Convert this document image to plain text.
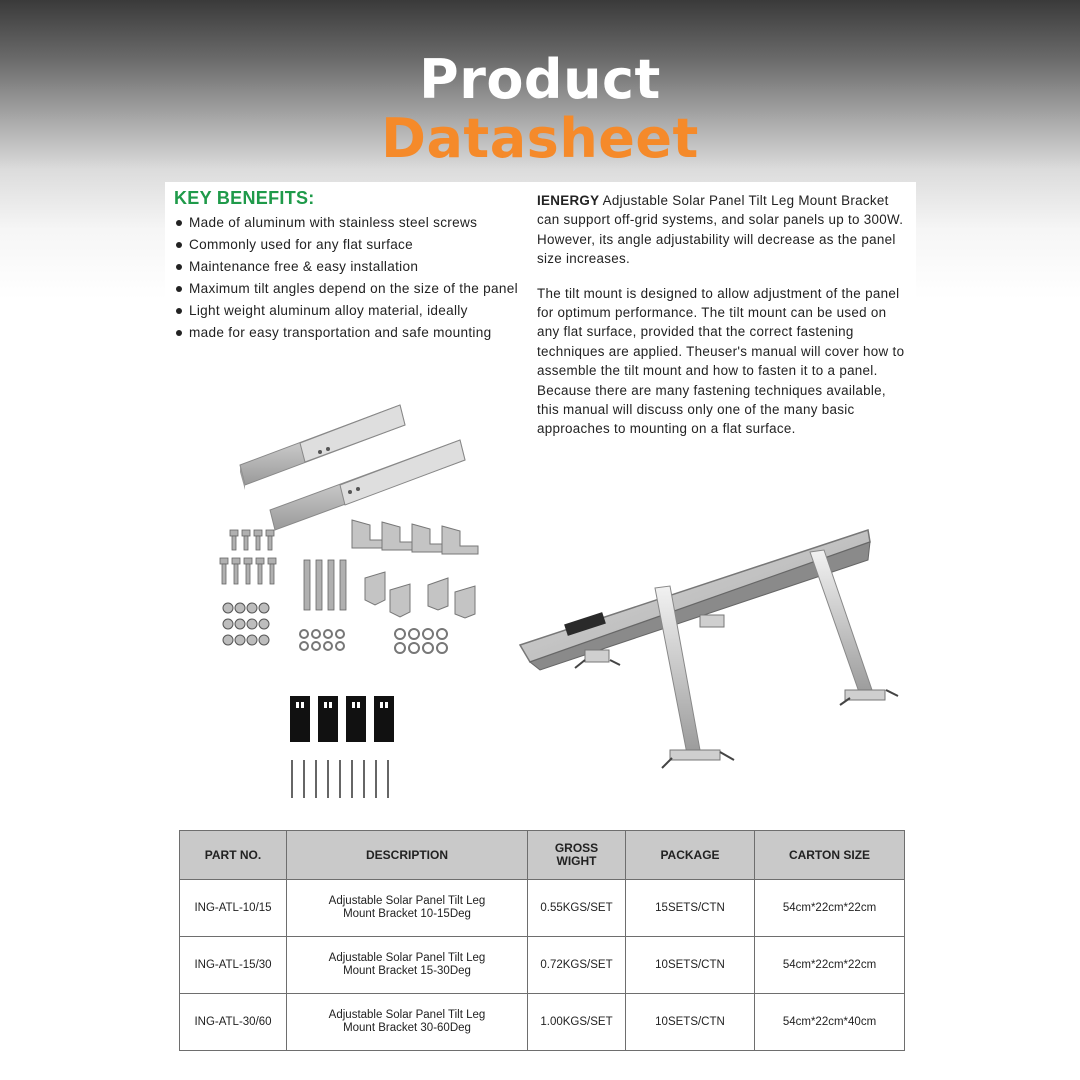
Product
Datasheet
KEY BENEFITS:
Made of aluminum with stainless steel screws
Commonly used for any flat surface
Maintenance free & easy installation
Maximum tilt angles depend on the size of the panel
Light weight aluminum alloy material, ideally
made for easy transportation and safe mounting

IENERGY Adjustable Solar Panel Tilt Leg Mount Bracket can support off-grid systems, and solar panels up to 300W. However, its angle adjustability will decrease as the panel size increases.

The tilt mount is designed to allow adjustment of the panel for optimum performance. The tilt mount can be used on any flat surface, provided that the correct fastening techniques are applied. Theuser's manual will cover how to assemble the tilt mount and how to fasten it to a panel. Because there are many fastening techniques available, this manual will discuss only one of the many basic approaches to mounting on a flat surface.

PART NO.	DESCRIPTION	GROSS WIGHT	PACKAGE	CARTON SIZE
ING-ATL-10/15	Adjustable Solar Panel Tilt Leg Mount Bracket 10-15Deg	0.55KGS/SET	15SETS/CTN	54cm*22cm*22cm
ING-ATL-15/30	Adjustable Solar Panel Tilt Leg Mount Bracket 15-30Deg	0.72KGS/SET	10SETS/CTN	54cm*22cm*22cm
ING-ATL-30/60	Adjustable Solar Panel Tilt Leg Mount Bracket 30-60Deg	1.00KGS/SET	10SETS/CTN	54cm*22cm*40cm
